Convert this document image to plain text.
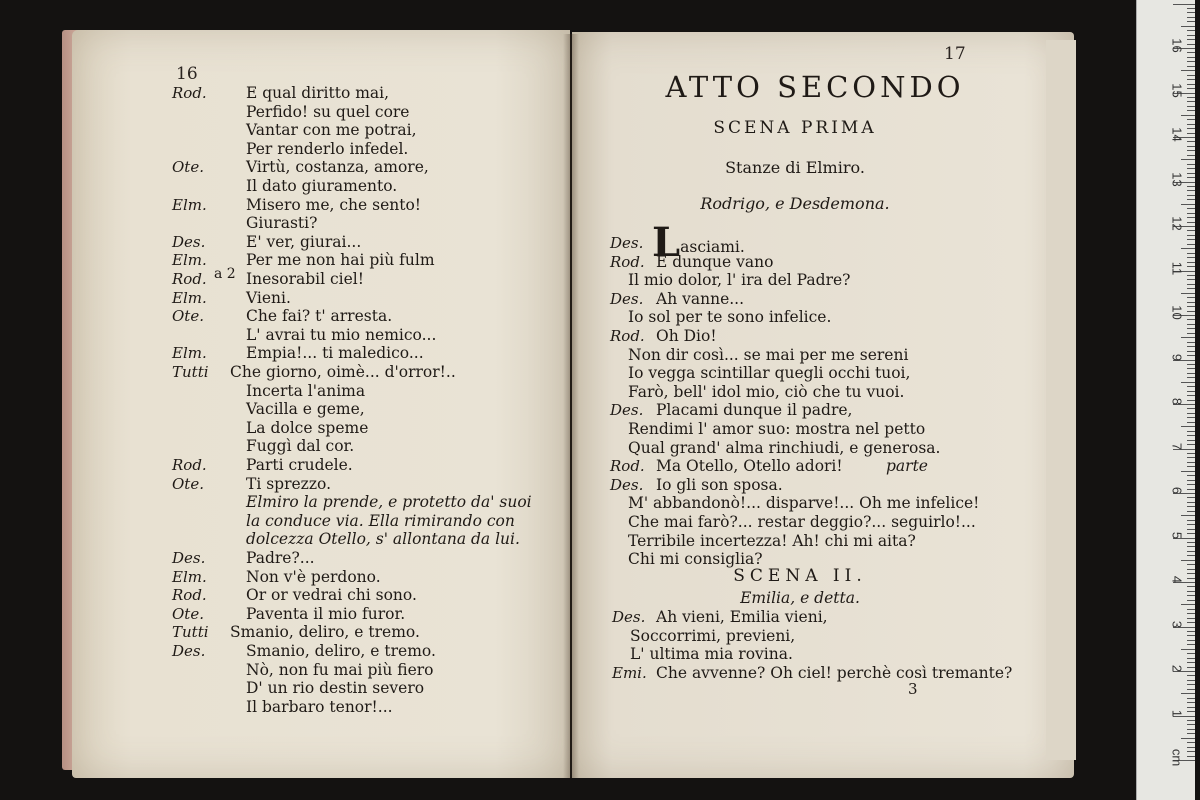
cm
1
2
3
4
5
6
7
8
9
10
11
12
13
14
15
16
16
Rod.	E qual diritto mai,
Perfido! su quel core
Vantar con me potrai,
Per renderlo infedel.
Ote.	Virtù, costanza, amore,
Il dato giuramento.
Elm.	Misero me, che sento!
Giurasti?
Des.	E' ver, giurai...
Elm.	Per me non hai più fulm
Rod.	Inesorabil ciel!
Elm.	Vieni.
Ote.	Che fai? t' arresta.
L' avrai tu mio nemico...
Elm.	Empia!... ti maledico...
Tutti Che giorno, oimè... d'orror!..
Incerta l'anima
Vacilla e geme,
La dolce speme
Fuggì dal cor.
Rod.	Parti crudele.
Ote.	Ti sprezzo.
Elmiro la prende, e protetto da' suoi
la conduce via. Ella rimirando con
dolcezza Otello, s' allontana da lui.
Des.	Padre?...
Elm.	Non v'è perdono.
Rod.	Or or vedrai chi sono.
Ote.	Paventa il mio furor.
Tutti Smanio, deliro, e tremo.
Des.	Smanio, deliro, e tremo.
Nò, non fu mai più fiero
D' un rio destin severo
Il barbaro tenor!...
a 2
17
ATTO SECONDO
SCENA PRIMA
Stanze di Elmiro.
Rodrigo, e Desdemona.
Des. Lasciami.
Rod. E dunque vano
Il mio dolor, l' ira del Padre?
Des. Ah vanne...
Io sol per te sono infelice.
Rod. Oh Dio!
Non dir così... se mai per me sereni
Io vegga scintillar quegli occhi tuoi,
Farò, bell' idol mio, ciò che tu vuoi.
Des. Placami dunque il padre,
Rendimi l' amor suo: mostra nel petto
Qual grand' alma rinchiudi, e generosa.
Rod. Ma Otello, Otello adori!	parte
Des. Io gli son sposa.
M' abbandonò!... disparve!... Oh me infelice!
Che mai farò?... restar deggio?... seguirlo!...
Terribile incertezza! Ah! chi mi aita?
Chi mi consiglia?
SCENA II.
Emilia, e detta.
Des. Ah vieni, Emilia vieni,
Soccorrimi, previeni,
L' ultima mia rovina.
Emi. Che avvenne? Oh ciel! perchè così tremante?
3
